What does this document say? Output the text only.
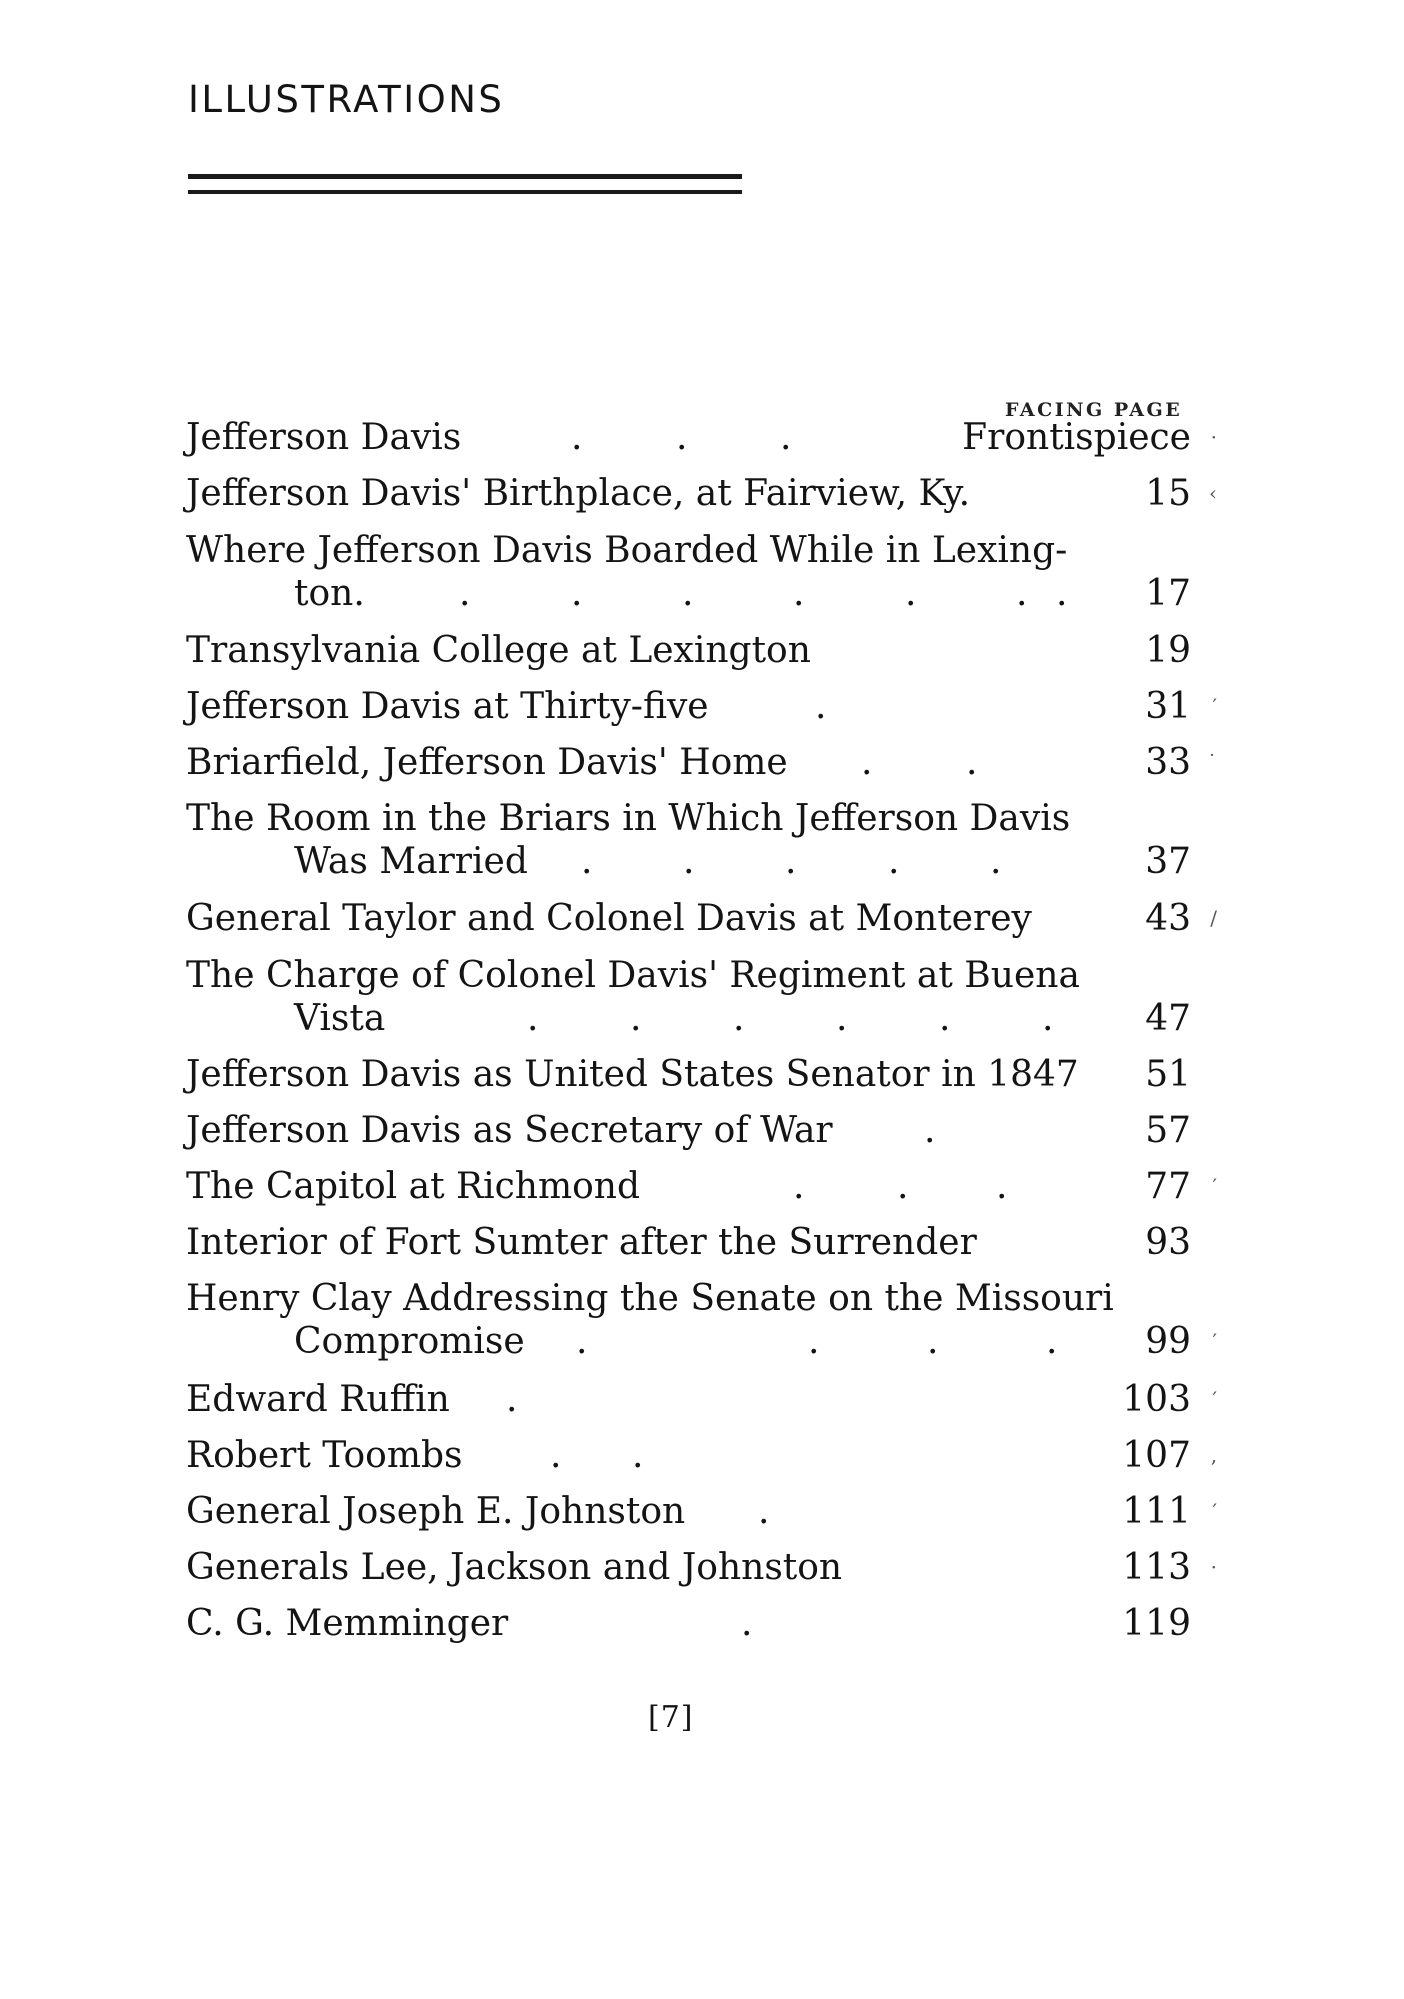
ILLUSTRATIONS
FACING PAGE
Jefferson Davis	.	.	.	Frontispiece ·
Jefferson Davis' Birthplace, at Fairview, Ky.	15 ‹
Where Jefferson Davis Boarded While in Lexing-
ton.	.	.	.	.	.	. . 17
Transylvania College at Lexington	19
Jefferson Davis at Thirty-five	.	31 ′
Briarfield, Jefferson Davis' Home .	.	33 ˙
The Room in the Briars in Which Jefferson Davis
Was Married .	.	.	.	.	37
General Taylor and Colonel Davis at Monterey	43 /
The Charge of Colonel Davis' Regiment at Buena
Vista	.	.	.	.	.	.	47
Jefferson Davis as United States Senator in 1847 51
Jefferson Davis as Secretary of War	.	57
The Capitol at Richmond	.	. .	77 ′
Interior of Fort Sumter after the Surrender	93
Henry Clay Addressing the Senate on the Missouri
Compromise .	.	.	. 99 ′
Edward Ruffin .	103 ′
Robert Toombs . .	107 ‚
General Joseph E. Johnston .	111 ′
Generals Lee, Jackson and Johnston	113 ·
C. G. Memminger	.	119
[7]
